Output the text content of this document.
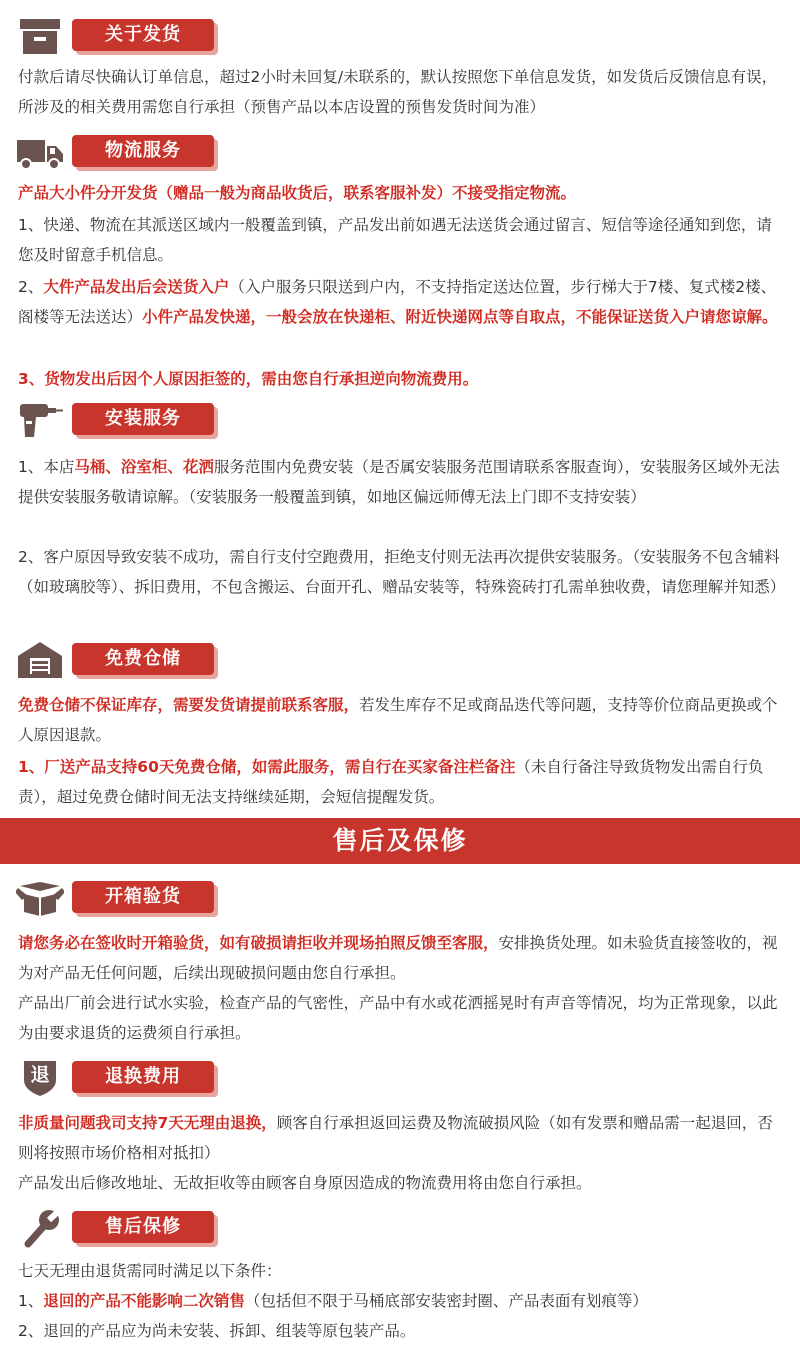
关于发货

付款后请尽快确认订单信息，超过2小时未回复/未联系的，默认按照您下单信息发货，如发货后反馈信息有误，所涉及的相关费用需您自行承担（预售产品以本店设置的预售发货时间为准）

物流服务

产品大小件分开发货（赠品一般为商品收货后，联系客服补发）不接受指定物流。

1、快递、物流在其派送区域内一般覆盖到镇，产品发出前如遇无法送货会通过留言、短信等途径通知到您，请您及时留意手机信息。

2、大件产品发出后会送货入户（入户服务只限送到户内，不支持指定送达位置，步行梯大于7楼、复式楼2楼、阁楼等无法送达）小件产品发快递，一般会放在快递柜、附近快递网点等自取点，不能保证送货入户请您谅解。

3、货物发出后因个人原因拒签的，需由您自行承担逆向物流费用。

安装服务

1、本店马桶、浴室柜、花洒服务范围内免费安装（是否属安装服务范围请联系客服查询），安装服务区域外无法提供安装服务敬请谅解。（安装服务一般覆盖到镇，如地区偏远师傅无法上门即不支持安装）

2、客户原因导致安装不成功，需自行支付空跑费用，拒绝支付则无法再次提供安装服务。（安装服务不包含辅料（如玻璃胶等）、拆旧费用，不包含搬运、台面开孔、赠品安装等，特殊瓷砖打孔需单独收费，请您理解并知悉）

免费仓储

免费仓储不保证库存，需要发货请提前联系客服，若发生库存不足或商品迭代等问题，支持等价位商品更换或个人原因退款。

1、厂送产品支持60天免费仓储，如需此服务，需自行在买家备注栏备注（未自行备注导致货物发出需自行负责），超过免费仓储时间无法支持继续延期，会短信提醒发货。

售后及保修
开箱验货

请您务必在签收时开箱验货，如有破损请拒收并现场拍照反馈至客服，安排换货处理。如未验货直接签收的，视为对产品无任何问题，后续出现破损问题由您自行承担。

产品出厂前会进行试水实验，检查产品的气密性，产品中有水或花洒摇晃时有声音等情况，均为正常现象，以此为由要求退货的运费须自行承担。

退	退换费用

非质量问题我司支持7天无理由退换，顾客自行承担返回运费及物流破损风险（如有发票和赠品需一起退回，否则将按照市场价格相对抵扣）

产品发出后修改地址、无故拒收等由顾客自身原因造成的物流费用将由您自行承担。

售后保修

七天无理由退货需同时满足以下条件：

1、退回的产品不能影响二次销售（包括但不限于马桶底部安装密封圈、产品表面有划痕等）

2、退回的产品应为尚未安装、拆卸、组装等原包装产品。
